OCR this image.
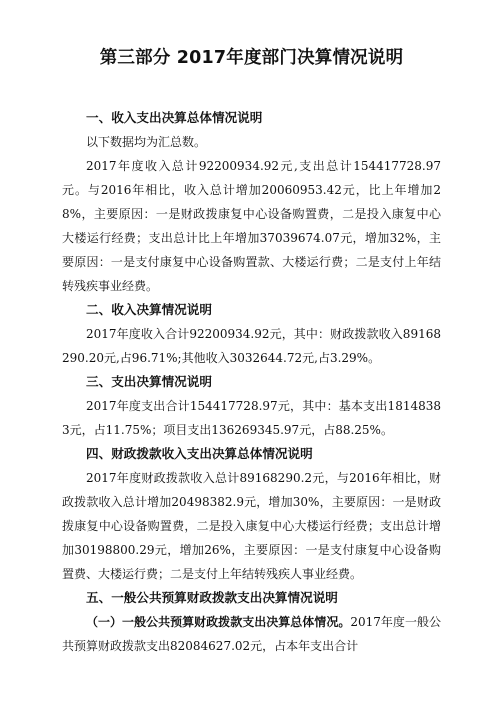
第三部分 2017年度部门决算情况说明
一、收入支出决算总体情况说明

以下数据均为汇总数。

2017年度收入总计92200934.92元,支出总计154417728.97元。与2016年相比，收入总计增加20060953.42元，比上年增加28%，主要原因：一是财政拨康复中心设备购置费，二是投入康复中心大楼运行经费；支出总计比上年增加37039674.07元，增加32%，主要原因：一是支付康复中心设备购置款、大楼运行费；二是支付上年结转残疾事业经费。

二、收入决算情况说明

2017年度收入合计92200934.92元，其中：财政拨款收入89168290.20元,占96.71%;其他收入3032644.72元,占3.29%。

三、支出决算情况说明

2017年度支出合计154417728.97元，其中：基本支出18148383元，占11.75%；项目支出136269345.97元，占88.25%。

四、财政拨款收入支出决算总体情况说明

2017年度财政拨款收入总计89168290.2元，与2016年相比，财政拨款收入总计增加20498382.9元，增加30%，主要原因：一是财政拨康复中心设备购置费，二是投入康复中心大楼运行经费；支出总计增加30198800.29元，增加26%，主要原因：一是支付康复中心设备购置费、大楼运行费；二是支付上年结转残疾人事业经费。

五、一般公共预算财政拨款支出决算情况说明

（一）一般公共预算财政拨款支出决算总体情况。2017年度一般公共预算财政拨款支出82084627.02元，占本年支出合计
